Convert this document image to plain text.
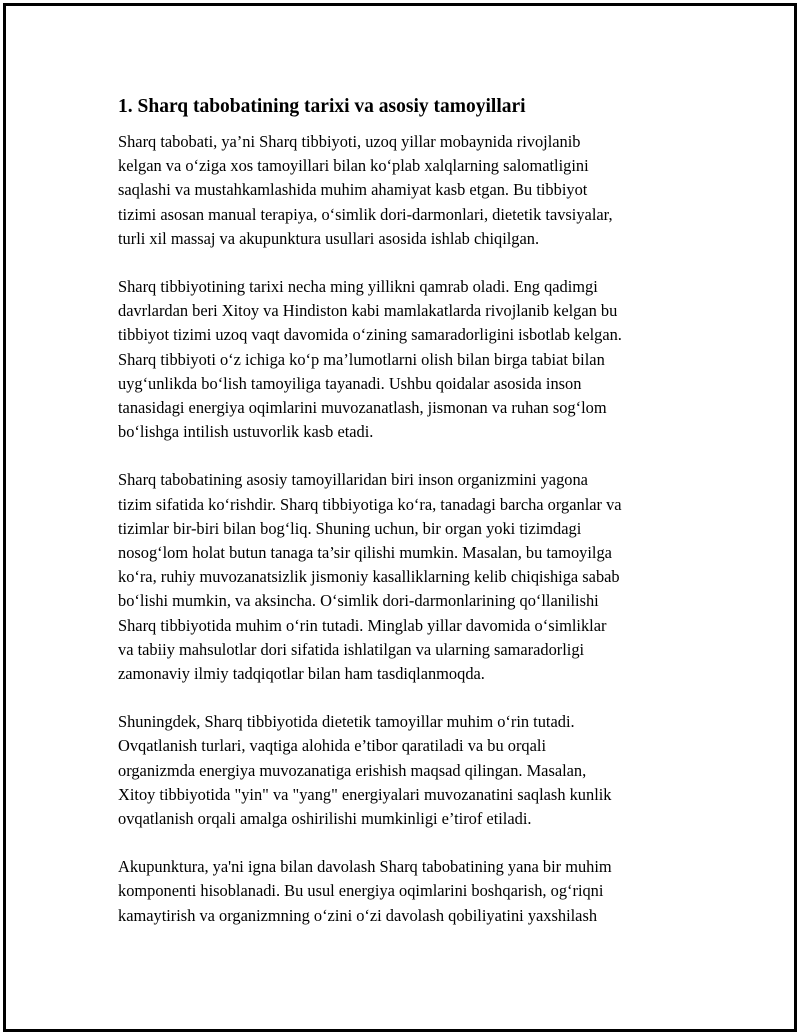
1. Sharq tabobatining tarixi va asosiy tamoyillari

Sharq tabobati, ya’ni Sharq tibbiyoti, uzoq yillar mobaynida rivojlanib
kelgan va o‘ziga xos tamoyillari bilan ko‘plab xalqlarning salomatligini
saqlashi va mustahkamlashida muhim ahamiyat kasb etgan. Bu tibbiyot
tizimi asosan manual terapiya, o‘simlik dori-darmonlari, dietetik tavsiyalar,
turli xil massaj va akupunktura usullari asosida ishlab chiqilgan.

Sharq tibbiyotining tarixi necha ming yillikni qamrab oladi. Eng qadimgi
davrlardan beri Xitoy va Hindiston kabi mamlakatlarda rivojlanib kelgan bu
tibbiyot tizimi uzoq vaqt davomida o‘zining samaradorligini isbotlab kelgan.
Sharq tibbiyoti o‘z ichiga ko‘p ma’lumotlarni olish bilan birga tabiat bilan
uyg‘unlikda bo‘lish tamoyiliga tayanadi. Ushbu qoidalar asosida inson
tanasidagi energiya oqimlarini muvozanatlash, jismonan va ruhan sog‘lom
bo‘lishga intilish ustuvorlik kasb etadi.

Sharq tabobatining asosiy tamoyillaridan biri inson organizmini yagona
tizim sifatida ko‘rishdir. Sharq tibbiyotiga ko‘ra, tanadagi barcha organlar va
tizimlar bir-biri bilan bog‘liq. Shuning uchun, bir organ yoki tizimdagi
nosog‘lom holat butun tanaga ta’sir qilishi mumkin. Masalan, bu tamoyilga
ko‘ra, ruhiy muvozanatsizlik jismoniy kasalliklarning kelib chiqishiga sabab
bo‘lishi mumkin, va aksincha. O‘simlik dori-darmonlarining qo‘llanilishi
Sharq tibbiyotida muhim o‘rin tutadi. Minglab yillar davomida o‘simliklar
va tabiiy mahsulotlar dori sifatida ishlatilgan va ularning samaradorligi
zamonaviy ilmiy tadqiqotlar bilan ham tasdiqlanmoqda.

Shuningdek, Sharq tibbiyotida dietetik tamoyillar muhim o‘rin tutadi.
Ovqatlanish turlari, vaqtiga alohida e’tibor qaratiladi va bu orqali
organizmda energiya muvozanatiga erishish maqsad qilingan. Masalan,
Xitoy tibbiyotida "yin" va "yang" energiyalari muvozanatini saqlash kunlik
ovqatlanish orqali amalga oshirilishi mumkinligi e’tirof etiladi.

Akupunktura, ya'ni igna bilan davolash Sharq tabobatining yana bir muhim
komponenti hisoblanadi. Bu usul energiya oqimlarini boshqarish, og‘riqni
kamaytirish va organizmning o‘zini o‘zi davolash qobiliyatini yaxshilash
